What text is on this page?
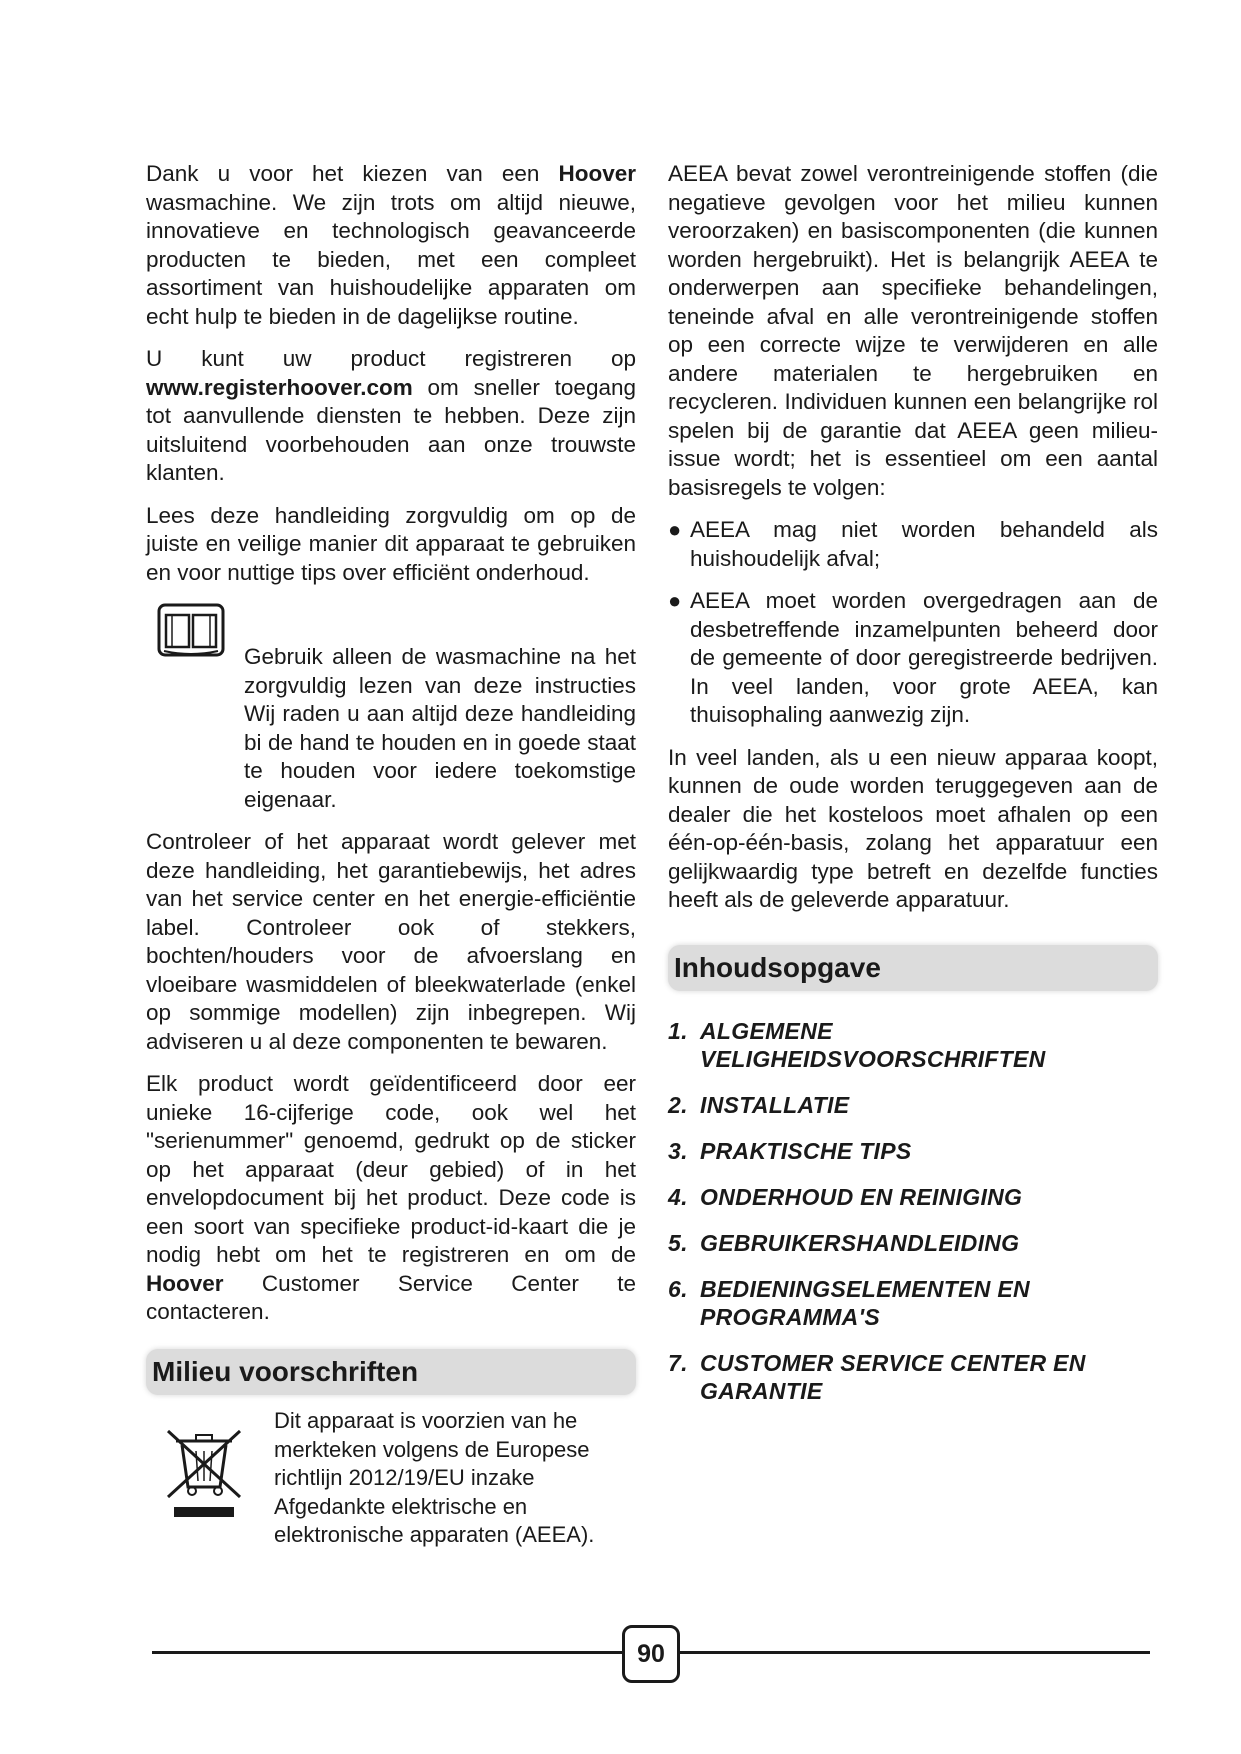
Dank u voor het kiezen van een Hoover wasmachine. We zijn trots om altijd nieuwe, innovatieve en technologisch geavanceerde producten te bieden, met een compleet assortiment van huishoudelijke apparaten om echt hulp te bieden in de dagelijkse routine.

U kunt uw product registreren op www.registerhoover.com om sneller toegang tot aanvullende diensten te hebben. Deze zijn uitsluitend voorbehouden aan onze trouwste klanten.

Lees deze handleiding zorgvuldig om op de juiste en veilige manier dit apparaat te gebruiken en voor nuttige tips over efficiënt onderhoud.

Gebruik alleen de wasmachine na het zorgvuldig lezen van deze instructies Wij raden u aan altijd deze handleiding bi de hand te houden en in goede staat te houden voor iedere toekomstige eigenaar.

Controleer of het apparaat wordt gelever met deze handleiding, het garantiebewijs, het adres van het service center en het energie-efficiëntie label. Controleer ook of stekkers, bochten/houders voor de afvoerslang en vloeibare wasmiddelen of bleekwaterlade (enkel op sommige modellen) zijn inbegrepen. Wij adviseren u al deze componenten te bewaren.

Elk product wordt geïdentificeerd door eer unieke 16-cijferige code, ook wel het "serienummer" genoemd, gedrukt op de sticker op het apparaat (deur gebied) of in het envelopdocument bij het product. Deze code is een soort van specifieke product-id-kaart die je nodig hebt om het te registreren en om de Hoover Customer Service Center te contacteren.

Milieu voorschriften

Dit apparaat is voorzien van he merkteken volgens de Europese richtlijn 2012/19/EU inzake Afgedankte elektrische en elektronische apparaten (AEEA).

AEEA bevat zowel verontreinigende stoffen (die negatieve gevolgen voor het milieu kunnen veroorzaken) en basiscomponenten (die kunnen worden hergebruikt). Het is belangrijk AEEA te onderwerpen aan specifieke behandelingen, teneinde afval en alle verontreinigende stoffen op een correcte wijze te verwijderen en alle andere materialen te hergebruiken en recycleren. Individuen kunnen een belangrijke rol spelen bij de garantie dat AEEA geen milieu-issue wordt; het is essentieel om een aantal basisregels te volgen:

● AEEA mag niet worden behandeld als huishoudelijk afval;
● AEEA moet worden overgedragen aan de desbetreffende inzamelpunten beheerd door de gemeente of door geregistreerde bedrijven. In veel landen, voor grote AEEA, kan thuisophaling aanwezig zijn.

In veel landen, als u een nieuw apparaa koopt, kunnen de oude worden teruggegeven aan de dealer die het kosteloos moet afhalen op een één-op-één-basis, zolang het apparatuur een gelijkwaardig type betreft en dezelfde functies heeft als de geleverde apparatuur.

Inhoudsopgave
1. ALGEMENE VELIGHEIDSVOORSCHRIFTEN
2. INSTALLATIE
3. PRAKTISCHE TIPS
4. ONDERHOUD EN REINIGING
5. GEBRUIKERSHANDLEIDING
6. BEDIENINGSELEMENTEN EN PROGRAMMA'S
7. CUSTOMER SERVICE CENTER EN GARANTIE
90
